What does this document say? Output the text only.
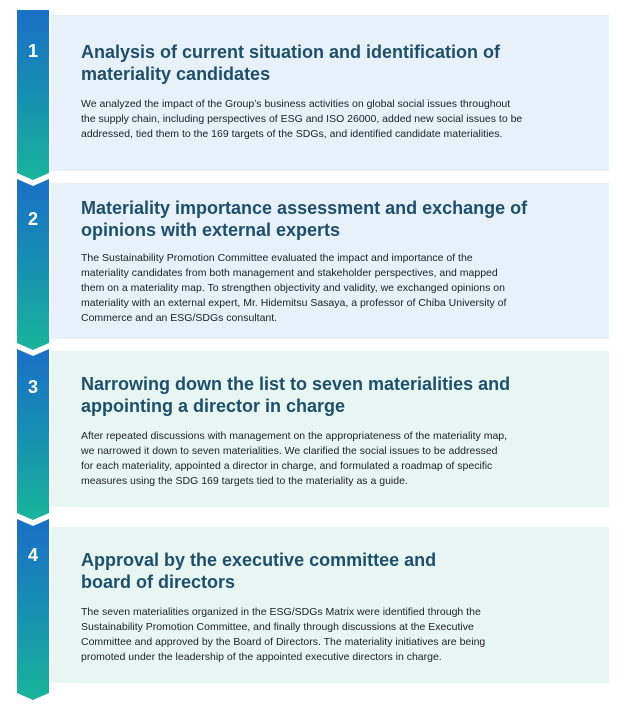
1
2
3
4
Analysis of current situation and identification of
materiality candidates

We analyzed the impact of the Group’s business activities on global social issues throughout
the supply chain, including perspectives of ESG and ISO 26000, added new social issues to be
addressed, tied them to the 169 targets of the SDGs, and identified candidate materialities.

Materiality importance assessment and exchange of
opinions with external experts

The Sustainability Promotion Committee evaluated the impact and importance of the
materiality candidates from both management and stakeholder perspectives, and mapped
them on a materiality map. To strengthen objectivity and validity, we exchanged opinions on
materiality with an external expert, Mr. Hidemitsu Sasaya, a professor of Chiba University of
Commerce and an ESG/SDGs consultant.

Narrowing down the list to seven materialities and
appointing a director in charge

After repeated discussions with management on the appropriateness of the materiality map,
we narrowed it down to seven materialities. We clarified the social issues to be addressed
for each materiality, appointed a director in charge, and formulated a roadmap of specific
measures using the SDG 169 targets tied to the materiality as a guide.

Approval by the executive committee and
board of directors

The seven materialities organized in the ESG/SDGs Matrix were identified through the
Sustainability Promotion Committee, and finally through discussions at the Executive
Committee and approved by the Board of Directors. The materiality initiatives are being
promoted under the leadership of the appointed executive directors in charge.
